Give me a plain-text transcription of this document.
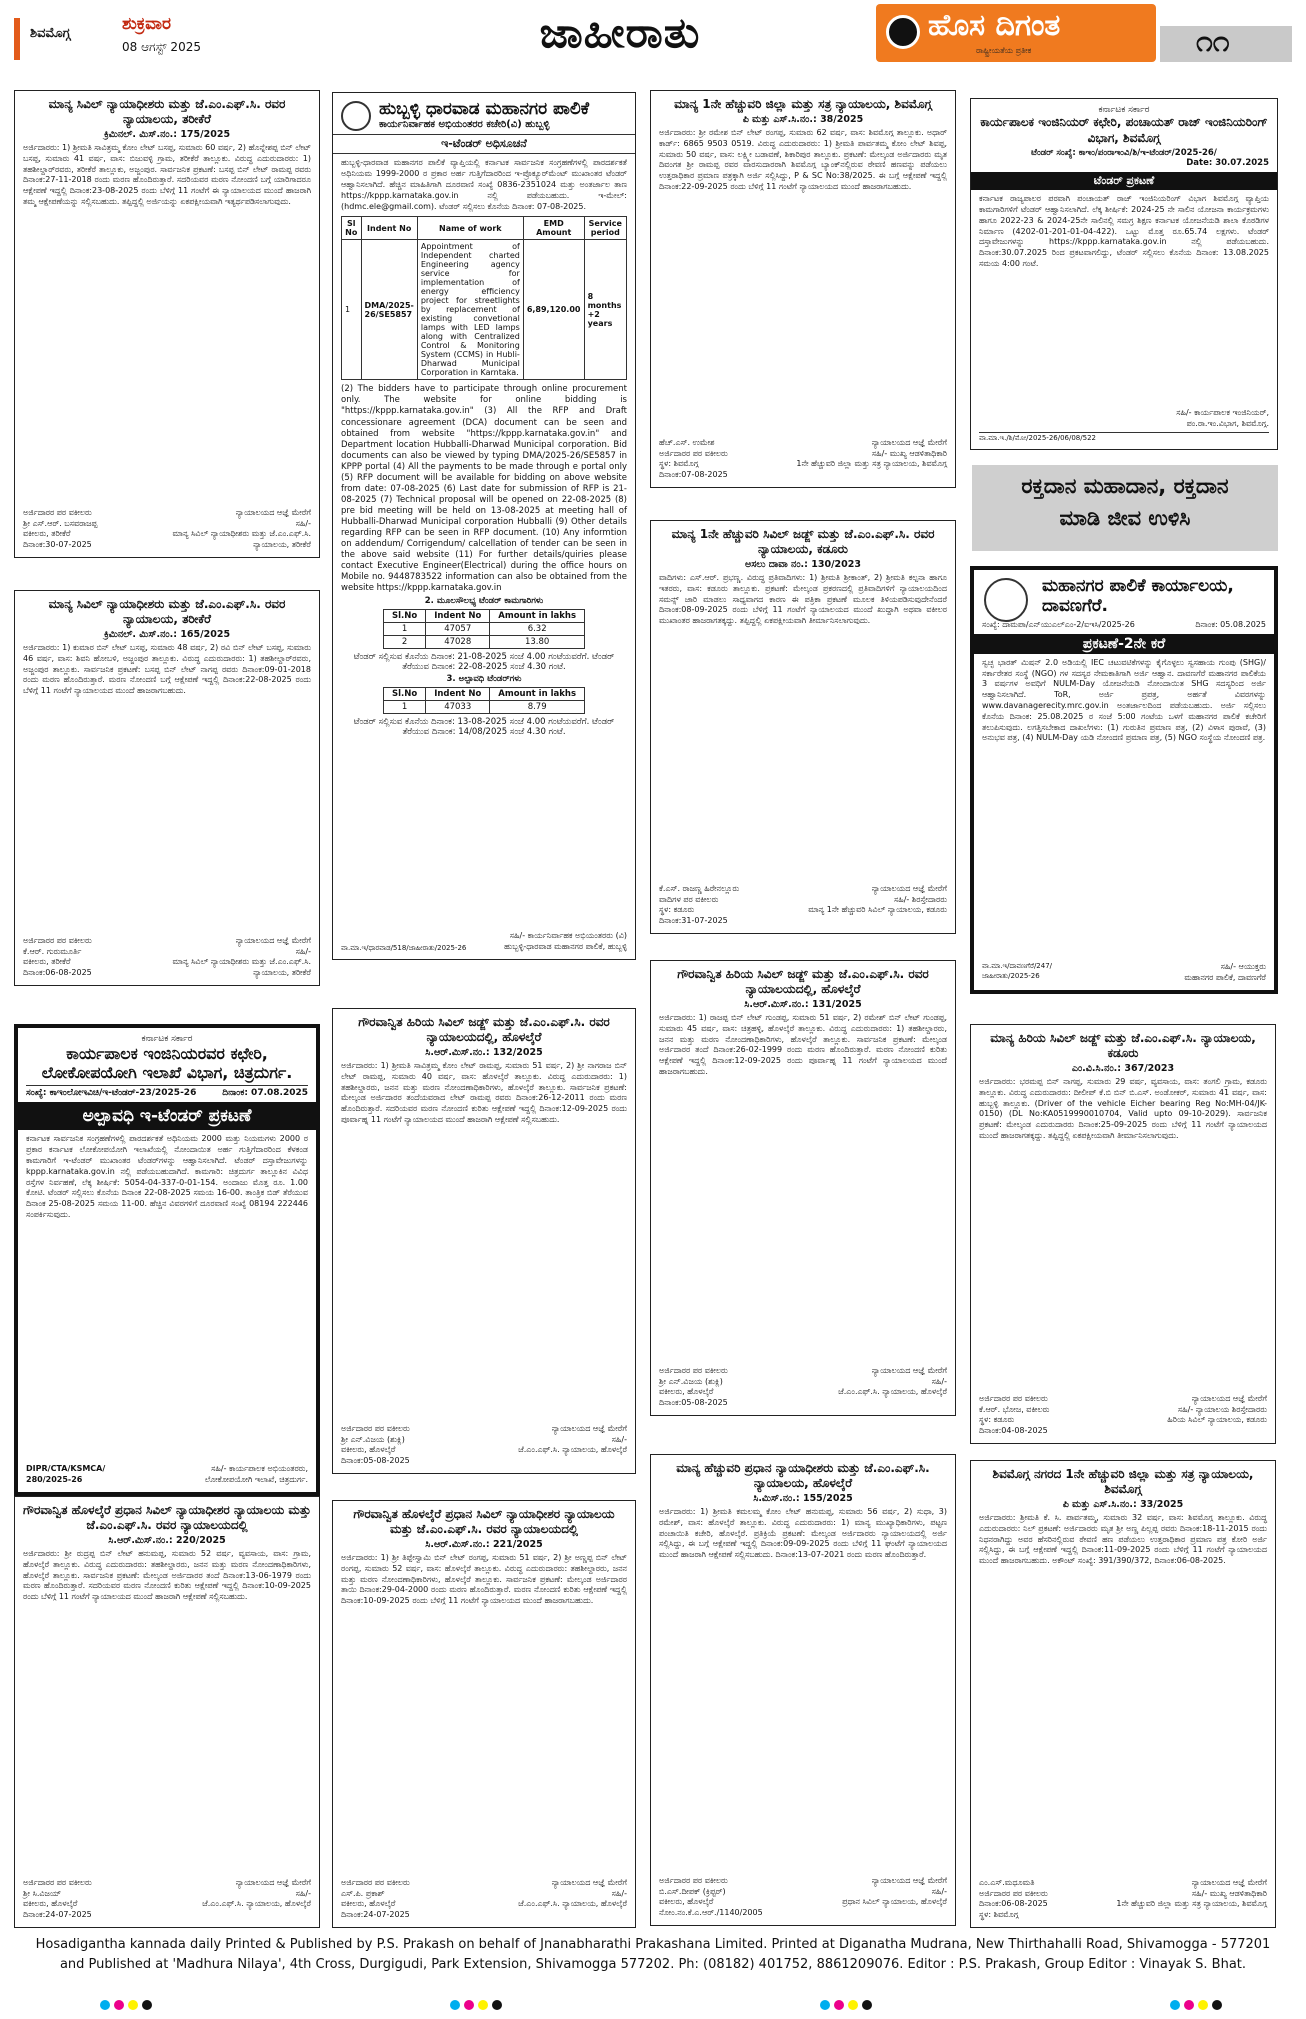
ಶಿವಮೊಗ್ಗ	ಶುಕ್ರವಾರ
08 ಆಗಸ್ಟ್ 2025	ಜಾಹೀರಾತು	ಹೊಸ ದಿಗಂತ
ರಾಷ್ಟ್ರೀಯತೆಯ ಪ್ರತೀಕ	೧೧
ಮಾನ್ಯ ಸಿವಿಲ್ ನ್ಯಾಯಾಧೀಶರು ಮತ್ತು ಜೆ.ಎಂ.ಎಫ್.ಸಿ. ರವರ ನ್ಯಾಯಾಲಯ, ತರೀಕೆರೆ
ಕ್ರಿಮಿನಲ್. ಮಿಸ್.ನಂ.: 175/2025
ಅರ್ಜಿದಾರರು: 1) ಶ್ರೀಮತಿ ಸಾವಿತ್ರಮ್ಮ ಕೋಂ ಲೇಟ್ ಬಸಪ್ಪ, ಸುಮಾರು 60 ವರ್ಷ, 2) ಹೊನ್ನೇಶಪ್ಪ ಬಿನ್ ಲೇಟ್ ಬಸಪ್ಪ, ಸುಮಾರು 41 ವರ್ಷ, ವಾಸ: ಬಿಜುವಳ್ಳಿ ಗ್ರಾಮ, ತರೀಕೆರೆ ತಾಲ್ಲೂಕು. ವಿರುದ್ಧ ಎದುರುದಾರರು: 1) ತಹಶೀಲ್ದಾರ್‌ರವರು, ತರೀಕೆರೆ ತಾಲ್ಲೂಕು, ಅಜ್ಜಂಪುರ. ಸಾರ್ವಜನಿಕ ಪ್ರಕಟಣೆ: ಬಸಪ್ಪ ಬಿನ್ ಲೇಟ್ ರಾಮಪ್ಪ ರವರು ದಿನಾಂಕ:27-11-2018 ರಂದು ಮರಣ ಹೊಂದಿರುತ್ತಾರೆ. ಸದರಿಯವರ ಮರಣ ನೋಂದಣಿ ಬಗ್ಗೆ ಯಾರಿಗಾದರೂ ಆಕ್ಷೇಪಣೆ ಇದ್ದಲ್ಲಿ ದಿನಾಂಕ:23-08-2025 ರಂದು ಬೆಳಿಗ್ಗೆ 11 ಗಂಟೆಗೆ ಈ ನ್ಯಾಯಾಲಯದ ಮುಂದೆ ಹಾಜರಾಗಿ ತಮ್ಮ ಆಕ್ಷೇಪಣೆಯನ್ನು ಸಲ್ಲಿಸಬಹುದು. ತಪ್ಪಿದ್ದಲ್ಲಿ ಅರ್ಜಿಯನ್ನು ಏಕಪಕ್ಷೀಯವಾಗಿ ಇತ್ಯರ್ಥಪಡಿಸಲಾಗುವುದು.
ಅರ್ಜಿದಾರರ ಪರ ವಕೀಲರು
ಶ್ರೀ ಎಸ್.ಆರ್. ಬಸವರಾಜಪ್ಪ
ವಕೀಲರು, ತರೀಕೆರೆ
ದಿನಾಂಕ:30-07-2025
ನ್ಯಾಯಾಲಯದ ಆಜ್ಞೆ ಮೇರೆಗೆ
ಸಹಿ/-
ಮಾನ್ಯ ಸಿವಿಲ್ ನ್ಯಾಯಾಧೀಶರು ಮತ್ತು ಜೆ.ಎಂ.ಎಫ್.ಸಿ. ನ್ಯಾಯಾಲಯ, ತರೀಕೆರೆ
ಮಾನ್ಯ ಸಿವಿಲ್ ನ್ಯಾಯಾಧೀಶರು ಮತ್ತು ಜೆ.ಎಂ.ಎಫ್.ಸಿ. ರವರ ನ್ಯಾಯಾಲಯ, ತರೀಕೆರೆ
ಕ್ರಿಮಿನಲ್. ಮಿಸ್.ನಂ.: 165/2025
ಅರ್ಜಿದಾರರು: 1) ಕುಮಾರ ಬಿನ್ ಲೇಟ್ ಬಸಪ್ಪ, ಸುಮಾರು 48 ವರ್ಷ, 2) ರವಿ ಬಿನ್ ಲೇಟ್ ಬಸಪ್ಪ, ಸುಮಾರು 46 ವರ್ಷ, ವಾಸ: ಶಿವನಿ ಹೋಬಳಿ, ಅಜ್ಜಂಪುರ ತಾಲ್ಲೂಕು. ವಿರುದ್ಧ ಎದುರುದಾರರು: 1) ತಹಶೀಲ್ದಾರ್‌ರವರು, ಅಜ್ಜಂಪುರ ತಾಲ್ಲೂಕು. ಸಾರ್ವಜನಿಕ ಪ್ರಕಟಣೆ: ಬಸಪ್ಪ ಬಿನ್ ಲೇಟ್ ನಾಗಪ್ಪ ರವರು ದಿನಾಂಕ:09-01-2018 ರಂದು ಮರಣ ಹೊಂದಿರುತ್ತಾರೆ. ಮರಣ ನೋಂದಣಿ ಬಗ್ಗೆ ಆಕ್ಷೇಪಣೆ ಇದ್ದಲ್ಲಿ ದಿನಾಂಕ:22-08-2025 ರಂದು ಬೆಳಿಗ್ಗೆ 11 ಗಂಟೆಗೆ ನ್ಯಾಯಾಲಯದ ಮುಂದೆ ಹಾಜರಾಗಬಹುದು.
ಅರ್ಜಿದಾರರ ಪರ ವಕೀಲರು
ಕೆ.ಆರ್. ಗುರುಮೂರ್ತಿ
ವಕೀಲರು, ತರೀಕೆರೆ
ದಿನಾಂಕ:06-08-2025
ನ್ಯಾಯಾಲಯದ ಆಜ್ಞೆ ಮೇರೆಗೆ
ಸಹಿ/-
ಮಾನ್ಯ ಸಿವಿಲ್ ನ್ಯಾಯಾಧೀಶರು ಮತ್ತು ಜೆ.ಎಂ.ಎಫ್.ಸಿ. ನ್ಯಾಯಾಲಯ, ತರೀಕೆರೆ
ಕರ್ನಾಟಕ ಸರ್ಕಾರ
ಕಾರ್ಯಪಾಲಕ ಇಂಜಿನಿಯರವರ ಕಛೇರಿ, ಲೋಕೋಪಯೋಗಿ ಇಲಾಖೆ ವಿಭಾಗ, ಚಿತ್ರದುರ್ಗ.
ಸಂಖ್ಯೆ: ಕಾಇಂಲೋಇವಿಚಿ/ಇ-ಟೆಂಡರ್-23/2025-26	ದಿನಾಂಕ: 07.08.2025
ಅಲ್ಪಾವಧಿ ಇ-ಟೆಂಡರ್ ಪ್ರಕಟಣೆ
ಕರ್ನಾಟಕ ಸಾರ್ವಜನಿಕ ಸಂಗ್ರಹಣೆಗಳಲ್ಲಿ ಪಾರದರ್ಶಕತೆ ಅಧಿನಿಯಮ 2000 ಮತ್ತು ನಿಯಮಗಳು 2000 ರ ಪ್ರಕಾರ ಕರ್ನಾಟಕ ಲೋಕೋಪಯೋಗಿ ಇಲಾಖೆಯಲ್ಲಿ ನೋಂದಾಯಿತ ಅರ್ಹ ಗುತ್ತಿಗೆದಾರರಿಂದ ಕೆಳಕಂಡ ಕಾಮಗಾರಿಗೆ ಇ-ಟೆಂಡರ್ ಮುಖಾಂತರ ಟೆಂಡರ್‌ಗಳನ್ನು ಆಹ್ವಾನಿಸಲಾಗಿದೆ. ಟೆಂಡರ್ ದಸ್ತಾವೇಜುಗಳನ್ನು kppp.karnataka.gov.in ನಲ್ಲಿ ಪಡೆಯಬಹುದಾಗಿದೆ. ಕಾಮಗಾರಿ: ಚಿತ್ರದುರ್ಗ ತಾಲ್ಲೂಕಿನ ವಿವಿಧ ರಸ್ತೆಗಳ ನಿರ್ವಹಣೆ, ಲೆಕ್ಕ ಶೀರ್ಷಿಕೆ: 5054-04-337-0-01-154. ಅಂದಾಜು ಮೊತ್ತ ರೂ. 1.00 ಕೋಟಿ. ಟೆಂಡರ್ ಸಲ್ಲಿಸಲು ಕೊನೆಯ ದಿನಾಂಕ 22-08-2025 ಸಮಯ 16-00. ತಾಂತ್ರಿಕ ಬಿಡ್ ತೆರೆಯುವ ದಿನಾಂಕ 25-08-2025 ಸಮಯ 11-00. ಹೆಚ್ಚಿನ ವಿವರಗಳಿಗೆ ದೂರವಾಣಿ ಸಂಖ್ಯೆ 08194 222446 ಸಂಪರ್ಕಿಸುವುದು.
DIPR/CTA/KSMCA/
280/2025-26
ಸಹಿ/- ಕಾರ್ಯಪಾಲಕ ಅಭಿಯಂತರರು,
ಲೋಕೋಪಯೋಗಿ ಇಲಾಖೆ, ಚಿತ್ರದುರ್ಗ.
ಗೌರವಾನ್ವಿತ ಹೊಳಲ್ಕೆರೆ ಪ್ರಧಾನ ಸಿವಿಲ್ ನ್ಯಾಯಾಧೀಶರ ನ್ಯಾಯಾಲಯ ಮತ್ತು ಜೆ.ಎಂ.ಎಫ್.ಸಿ. ರವರ ನ್ಯಾಯಾಲಯದಲ್ಲಿ
ಸಿ.ಆರ್.ಮಿಸ್.ನಂ.: 220/2025
ಅರ್ಜಿದಾರರು: ಶ್ರೀ ರುದ್ರಪ್ಪ ಬಿನ್ ಲೇಟ್ ಹನುಮಪ್ಪ, ಸುಮಾರು 52 ವರ್ಷ, ವ್ಯವಸಾಯ, ವಾಸ: ಗ್ರಾಮ, ಹೊಳಲ್ಕೆರೆ ತಾಲ್ಲೂಕು. ವಿರುದ್ಧ ಎದುರುದಾರರು: ತಹಶೀಲ್ದಾರರು, ಜನನ ಮತ್ತು ಮರಣ ನೋಂದಣಾಧಿಕಾರಿಗಳು, ಹೊಳಲ್ಕೆರೆ ತಾಲ್ಲೂಕು. ಸಾರ್ವಜನಿಕ ಪ್ರಕಟಣೆ: ಮೇಲ್ಕಂಡ ಅರ್ಜಿದಾರರ ತಂದೆ ದಿನಾಂಕ:13-06-1979 ರಂದು ಮರಣ ಹೊಂದಿರುತ್ತಾರೆ. ಸದರಿಯವರ ಮರಣ ನೋಂದಣಿ ಕುರಿತು ಆಕ್ಷೇಪಣೆ ಇದ್ದಲ್ಲಿ ದಿನಾಂಕ:10-09-2025 ರಂದು ಬೆಳಿಗ್ಗೆ 11 ಗಂಟೆಗೆ ನ್ಯಾಯಾಲಯದ ಮುಂದೆ ಹಾಜರಾಗಿ ಆಕ್ಷೇಪಣೆ ಸಲ್ಲಿಸಬಹುದು.
ಅರ್ಜಿದಾರರ ಪರ ವಕೀಲರು
ಶ್ರೀ ಸಿ.ವಿಜಯ್
ವಕೀಲರು, ಹೊಳಲ್ಕೆರೆ
ದಿನಾಂಕ:24-07-2025
ನ್ಯಾಯಾಲಯದ ಆಜ್ಞೆ ಮೇರೆಗೆ
ಸಹಿ/-
ಜೆ.ಎಂ.ಎಫ್.ಸಿ. ನ್ಯಾಯಾಲಯ, ಹೊಳಲ್ಕೆರೆ
ಹುಬ್ಬಳ್ಳಿ ಧಾರವಾಡ ಮಹಾನಗರ ಪಾಲಿಕೆ
ಕಾರ್ಯನಿರ್ವಾಹಕ ಅಭಿಯಂತರರ ಕಚೇರಿ(ವಿ) ಹುಬ್ಬಳ್ಳಿ
ಇ-ಟೆಂಡರ್ ಅಧಿಸೂಚನೆ
ಹುಬ್ಬಳ್ಳಿ-ಧಾರವಾಡ ಮಹಾನಗರ ಪಾಲಿಕೆ ವ್ಯಾಪ್ತಿಯಲ್ಲಿ ಕರ್ನಾಟಕ ಸಾರ್ವಜನಿಕ ಸಂಗ್ರಹಣೆಗಳಲ್ಲಿ ಪಾರದರ್ಶಕತೆ ಅಧಿನಿಯಮ 1999-2000 ರ ಪ್ರಕಾರ ಅರ್ಹ ಗುತ್ತಿಗೆದಾರರಿಂದ ಇ-ಪ್ರೊಕ್ಯೂರ್‌ಮೆಂಟ್ ಮುಖಾಂತರ ಟೆಂಡರ್ ಆಹ್ವಾನಿಸಲಾಗಿದೆ. ಹೆಚ್ಚಿನ ಮಾಹಿತಿಗಾಗಿ ದೂರವಾಣಿ ಸಂಖ್ಯೆ 0836-2351024 ಮತ್ತು ಅಂತರ್ಜಾಲ ತಾಣ https://kppp.karnataka.gov.in ನಲ್ಲಿ ಪಡೆಯಬಹುದು. ಇ-ಮೇಲ್: (hdmc.ele@gmail.com). ಟೆಂಡರ್ ಸಲ್ಲಿಸಲು ಕೊನೆಯ ದಿನಾಂಕ: 07-08-2025.
Sl No	Indent No	Name of work	EMD Amount	Service period
1	DMA/2025-26/SE5857	Appointment of Independent charted Engineering agency service for implementation of energy efficiency project for streetlights by replacement of existing convetional lamps with LED lamps along with Centralized Control & Monitoring System (CCMS) in Hubli-Dharwad Municipal Corporation in Karntaka.	6,89,120.00	8 months +2 years
(2) The bidders have to participate through online procurement only. The website for online bidding is "https://kppp.karnataka.gov.in" (3) All the RFP and Draft concessionare agreement (DCA) document can be seen and obtained from website "https://kppp.karnataka.gov.in" and Department location Hubballi-Dharwad Municipal corporation. Bid documents can also be viewed by typing DMA/2025-26/SE5857 in KPPP portal (4) All the payments to be made through e portal only (5) RFP document will be available for bidding on above website from date: 07-08-2025 (6) Last date for submission of RFP is 21-08-2025 (7) Technical proposal will be opened on 22-08-2025 (8) pre bid meeting will be held on 13-08-2025 at meeting hall of Hubballi-Dharwad Municipal corporation Hubballi (9) Other details regarding RFP can be seen in RFP document. (10) Any informtion on addendum/ Corrigendum/ calcellation of tender can be seen in the above said website (11) For further details/quiries please contact Executive Engineer(Electrical) during the office hours on Mobile no. 9448783522 information can also be obtained from the website https://kppp.karnataka.gov.in
2. ಮೂಲಸೌಲಭ್ಯ ಟೆಂಡರ್ ಕಾಮಗಾರಿಗಳು
Sl.No	Indent No	Amount in lakhs
1	47057	6.32
2	47028	13.80
ಟೆಂಡರ್ ಸಲ್ಲಿಸುವ ಕೊನೆಯ ದಿನಾಂಕ: 21-08-2025 ಸಂಜೆ 4.00 ಗಂಟೆಯವರೆಗೆ. ಟೆಂಡರ್ ತೆರೆಯುವ ದಿನಾಂಕ: 22-08-2025 ಸಂಜೆ 4.30 ಗಂಟೆ.
3. ಅಲ್ಪಾವಧಿ ಟೆಂಡರ್‌ಗಳು
Sl.No	Indent No	Amount in lakhs
1	47033	8.79
ಟೆಂಡರ್ ಸಲ್ಲಿಸುವ ಕೊನೆಯ ದಿನಾಂಕ: 13-08-2025 ಸಂಜೆ 4.00 ಗಂಟೆಯವರೆಗೆ. ಟೆಂಡರ್ ತೆರೆಯುವ ದಿನಾಂಕ: 14/08/2025 ಸಂಜೆ 4.30 ಗಂಟೆ.
ವಾ.ಮಾ.ಇ/ಧಾರವಾಡ/518/ಜಾಹೀರಾತು/2025-26
ಸಹಿ/- ಕಾರ್ಯನಿರ್ವಾಹಕ ಅಭಿಯಂತರರು (ವಿ)
ಹುಬ್ಬಳ್ಳಿ-ಧಾರವಾಡ ಮಹಾನಗರ ಪಾಲಿಕೆ, ಹುಬ್ಬಳ್ಳಿ
ಗೌರವಾನ್ವಿತ ಹಿರಿಯ ಸಿವಿಲ್ ಜಡ್ಜ್ ಮತ್ತು ಜೆ.ಎಂ.ಎಫ್.ಸಿ. ರವರ ನ್ಯಾಯಾಲಯದಲ್ಲಿ, ಹೊಳಲ್ಕೆರೆ
ಸಿ.ಆರ್.ಮಿಸ್.ನಂ.: 132/2025
ಅರ್ಜಿದಾರರು: 1) ಶ್ರೀಮತಿ ಸಾವಿತ್ರಮ್ಮ ಕೋಂ ಲೇಟ್ ರಾಮಪ್ಪ, ಸುಮಾರು 51 ವರ್ಷ, 2) ಶ್ರೀ ನಾಗರಾಜ ಬಿನ್ ಲೇಟ್ ರಾಮಪ್ಪ, ಸುಮಾರು 40 ವರ್ಷ, ವಾಸ: ಹೊಳಲ್ಕೆರೆ ತಾಲ್ಲೂಕು. ವಿರುದ್ಧ ಎದುರುದಾರರು: 1) ತಹಶೀಲ್ದಾರರು, ಜನನ ಮತ್ತು ಮರಣ ನೋಂದಣಾಧಿಕಾರಿಗಳು, ಹೊಳಲ್ಕೆರೆ ತಾಲ್ಲೂಕು. ಸಾರ್ವಜನಿಕ ಪ್ರಕಟಣೆ: ಮೇಲ್ಕಂಡ ಅರ್ಜಿದಾರರ ತಂದೆಯವರಾದ ಲೇಟ್ ರಾಮಪ್ಪ ರವರು ದಿನಾಂಕ:26-12-2011 ರಂದು ಮರಣ ಹೊಂದಿರುತ್ತಾರೆ. ಸದರಿಯವರ ಮರಣ ನೋಂದಣಿ ಕುರಿತು ಆಕ್ಷೇಪಣೆ ಇದ್ದಲ್ಲಿ ದಿನಾಂಕ:12-09-2025 ರಂದು ಪೂರ್ವಾಹ್ನ 11 ಗಂಟೆಗೆ ನ್ಯಾಯಾಲಯದ ಮುಂದೆ ಹಾಜರಾಗಿ ಆಕ್ಷೇಪಣೆ ಸಲ್ಲಿಸಬಹುದು.
ಅರ್ಜಿದಾರರ ಪರ ವಕೀಲರು
ಶ್ರೀ ಎನ್.ವಿಜಯ (ಶುಕ್ಲಿ)
ವಕೀಲರು, ಹೊಳಲ್ಕೆರೆ
ದಿನಾಂಕ:05-08-2025
ನ್ಯಾಯಾಲಯದ ಆಜ್ಞೆ ಮೇರೆಗೆ
ಸಹಿ/-
ಜೆ.ಎಂ.ಎಫ್.ಸಿ. ನ್ಯಾಯಾಲಯ, ಹೊಳಲ್ಕೆರೆ
ಗೌರವಾನ್ವಿತ ಹೊಳಲ್ಕೆರೆ ಪ್ರಧಾನ ಸಿವಿಲ್ ನ್ಯಾಯಾಧೀಶರ ನ್ಯಾಯಾಲಯ ಮತ್ತು ಜೆ.ಎಂ.ಎಫ್.ಸಿ. ರವರ ನ್ಯಾಯಾಲಯದಲ್ಲಿ
ಸಿ.ಆರ್.ಮಿಸ್.ನಂ.: 221/2025
ಅರ್ಜಿದಾರರು: 1) ಶ್ರೀ ತಿಪ್ಪೇಸ್ವಾಮಿ ಬಿನ್ ಲೇಟ್ ರಂಗಪ್ಪ, ಸುಮಾರು 51 ವರ್ಷ, 2) ಶ್ರೀ ಅಣ್ಣಪ್ಪ ಬಿನ್ ಲೇಟ್ ರಂಗಪ್ಪ, ಸುಮಾರು 52 ವರ್ಷ, ವಾಸ: ಹೊಳಲ್ಕೆರೆ ತಾಲ್ಲೂಕು. ವಿರುದ್ಧ ಎದುರುದಾರರು: ತಹಶೀಲ್ದಾರರು, ಜನನ ಮತ್ತು ಮರಣ ನೋಂದಣಾಧಿಕಾರಿಗಳು, ಹೊಳಲ್ಕೆರೆ ತಾಲ್ಲೂಕು. ಸಾರ್ವಜನಿಕ ಪ್ರಕಟಣೆ: ಮೇಲ್ಕಂಡ ಅರ್ಜಿದಾರರ ತಾಯಿ ದಿನಾಂಕ:29-04-2000 ರಂದು ಮರಣ ಹೊಂದಿರುತ್ತಾರೆ. ಮರಣ ನೋಂದಣಿ ಕುರಿತು ಆಕ್ಷೇಪಣೆ ಇದ್ದಲ್ಲಿ ದಿನಾಂಕ:10-09-2025 ರಂದು ಬೆಳಿಗ್ಗೆ 11 ಗಂಟೆಗೆ ನ್ಯಾಯಾಲಯದ ಮುಂದೆ ಹಾಜರಾಗಬಹುದು.
ಅರ್ಜಿದಾರರ ಪರ ವಕೀಲರು
ಎಸ್.ಪಿ. ಪ್ರಕಾಶ್
ವಕೀಲರು, ಹೊಳಲ್ಕೆರೆ
ದಿನಾಂಕ:24-07-2025
ನ್ಯಾಯಾಲಯದ ಆಜ್ಞೆ ಮೇರೆಗೆ
ಸಹಿ/-
ಜೆ.ಎಂ.ಎಫ್.ಸಿ. ನ್ಯಾಯಾಲಯ, ಹೊಳಲ್ಕೆರೆ
ಮಾನ್ಯ 1ನೇ ಹೆಚ್ಚುವರಿ ಜಿಲ್ಲಾ ಮತ್ತು ಸತ್ರ ನ್ಯಾಯಾಲಯ, ಶಿವಮೊಗ್ಗ
ಪಿ ಮತ್ತು ಎಸ್.ಸಿ.ನಂ.: 38/2025
ಅರ್ಜಿದಾರರು: ಶ್ರೀ ರಮೇಶ ಬಿನ್ ಲೇಟ್ ರಂಗಪ್ಪ, ಸುಮಾರು 62 ವರ್ಷ, ವಾಸ: ಶಿವಮೊಗ್ಗ ತಾಲ್ಲೂಕು. ಅಧಾರ್ ಕಾರ್ಡ್: 6865 9503 0519. ವಿರುದ್ಧ ಎದುರುದಾರರು: 1) ಶ್ರೀಮತಿ ಪಾರ್ವತಮ್ಮ ಕೋಂ ಲೇಟ್ ಶಿವಪ್ಪ, ಸುಮಾರು 50 ವರ್ಷ, ವಾಸ: ಲಕ್ಷ್ಮೀ ಬಡಾವಣೆ, ಶಿಕಾರಿಪುರ ತಾಲ್ಲೂಕು. ಪ್ರಕಟಣೆ: ಮೇಲ್ಕಂಡ ಅರ್ಜಿದಾರರು ಮೃತ ದಿವಂಗತ ಶ್ರೀ ರಾಮಪ್ಪ ರವರ ವಾರಸುದಾರರಾಗಿ ಶಿವಮೊಗ್ಗ ಬ್ಯಾಂಕ್‌ನಲ್ಲಿರುವ ಠೇವಣಿ ಹಣವನ್ನು ಪಡೆಯಲು ಉತ್ತರಾಧಿಕಾರ ಪ್ರಮಾಣ ಪತ್ರಕ್ಕಾಗಿ ಅರ್ಜಿ ಸಲ್ಲಿಸಿದ್ದು, P & SC No:38/2025. ಈ ಬಗ್ಗೆ ಆಕ್ಷೇಪಣೆ ಇದ್ದಲ್ಲಿ ದಿನಾಂಕ:22-09-2025 ರಂದು ಬೆಳಿಗ್ಗೆ 11 ಗಂಟೆಗೆ ನ್ಯಾಯಾಲಯದ ಮುಂದೆ ಹಾಜರಾಗಬಹುದು.
ಹೆಚ್.ಎಸ್. ಉಮೇಶ
ಅರ್ಜಿದಾರರ ಪರ ವಕೀಲರು
ಸ್ಥಳ: ಶಿವಮೊಗ್ಗ
ದಿನಾಂಕ:07-08-2025
ನ್ಯಾಯಾಲಯದ ಆಜ್ಞೆ ಮೇರೆಗೆ
ಸಹಿ/- ಮುಖ್ಯ ಆಡಳಿತಾಧಿಕಾರಿ
1ನೇ ಹೆಚ್ಚುವರಿ ಜಿಲ್ಲಾ ಮತ್ತು ಸತ್ರ ನ್ಯಾಯಾಲಯ, ಶಿವಮೊಗ್ಗ
ಮಾನ್ಯ 1ನೇ ಹೆಚ್ಚುವರಿ ಸಿವಿಲ್ ಜಡ್ಜ್ ಮತ್ತು ಜೆ.ಎಂ.ಎಫ್.ಸಿ. ರವರ ನ್ಯಾಯಾಲಯ, ಕಡೂರು
ಅಸಲು ದಾವಾ ನಂ.: 130/2023
ವಾದಿಗಳು: ಎಸ್.ಆರ್. ಪ್ರಭಣ್ಣ. ವಿರುದ್ಧ ಪ್ರತಿವಾದಿಗಳು: 1) ಶ್ರೀಮತಿ ಶ್ರೀಕಾಂತ್, 2) ಶ್ರೀಮತಿ ಕಲ್ಪನಾ ಹಾಗೂ ಇತರರು, ವಾಸ: ಕಡೂರು ತಾಲ್ಲೂಕು. ಪ್ರಕಟಣೆ: ಮೇಲ್ಕಂಡ ಪ್ರಕರಣದಲ್ಲಿ ಪ್ರತಿವಾದಿಗಳಿಗೆ ನ್ಯಾಯಾಲಯದಿಂದ ಸಮನ್ಸ್ ಜಾರಿ ಮಾಡಲು ಸಾಧ್ಯವಾಗದ ಕಾರಣ ಈ ಪತ್ರಿಕಾ ಪ್ರಕಟಣೆ ಮೂಲಕ ತಿಳಿಯಪಡಿಸುವುದೇನೆಂದರೆ ದಿನಾಂಕ:08-09-2025 ರಂದು ಬೆಳಿಗ್ಗೆ 11 ಗಂಟೆಗೆ ನ್ಯಾಯಾಲಯದ ಮುಂದೆ ಖುದ್ದಾಗಿ ಅಥವಾ ವಕೀಲರ ಮುಖಾಂತರ ಹಾಜರಾಗತಕ್ಕದ್ದು. ತಪ್ಪಿದ್ದಲ್ಲಿ ಏಕಪಕ್ಷೀಯವಾಗಿ ತೀರ್ಮಾನಿಸಲಾಗುವುದು.
ಕೆ.ಎಸ್. ರಾಜಣ್ಣ ಹಿರೇನಲ್ಲೂರು
ವಾದಿಗಳ ಪರ ವಕೀಲರು
ಸ್ಥಳ: ಕಡೂರು
ದಿನಾಂಕ:31-07-2025
ನ್ಯಾಯಾಲಯದ ಆಜ್ಞೆ ಮೇರೆಗೆ
ಸಹಿ/- ಶಿರಸ್ತೇದಾರರು
ಮಾನ್ಯ 1ನೇ ಹೆಚ್ಚುವರಿ ಸಿವಿಲ್ ನ್ಯಾಯಾಲಯ, ಕಡೂರು
ಗೌರವಾನ್ವಿತ ಹಿರಿಯ ಸಿವಿಲ್ ಜಡ್ಜ್ ಮತ್ತು ಜೆ.ಎಂ.ಎಫ್.ಸಿ. ರವರ ನ್ಯಾಯಾಲಯದಲ್ಲಿ, ಹೊಳಲ್ಕೆರೆ
ಸಿ.ಆರ್.ಮಿಸ್.ನಂ.: 131/2025
ಅರ್ಜಿದಾರರು: 1) ರಾಜಪ್ಪ ಬಿನ್ ಲೇಟ್ ಗುಂಡಪ್ಪ, ಸುಮಾರು 51 ವರ್ಷ, 2) ರಮೇಶ್ ಬಿನ್ ಲೇಟ್ ಗುಂಡಪ್ಪ, ಸುಮಾರು 45 ವರ್ಷ, ವಾಸ: ಚಿತ್ರಹಳ್ಳಿ, ಹೊಳಲ್ಕೆರೆ ತಾಲ್ಲೂಕು. ವಿರುದ್ಧ ಎದುರುದಾರರು: 1) ತಹಶೀಲ್ದಾರರು, ಜನನ ಮತ್ತು ಮರಣ ನೋಂದಣಾಧಿಕಾರಿಗಳು, ಹೊಳಲ್ಕೆರೆ ತಾಲ್ಲೂಕು. ಸಾರ್ವಜನಿಕ ಪ್ರಕಟಣೆ: ಮೇಲ್ಕಂಡ ಅರ್ಜಿದಾರರ ತಂದೆ ದಿನಾಂಕ:26-02-1999 ರಂದು ಮರಣ ಹೊಂದಿರುತ್ತಾರೆ. ಮರಣ ನೋಂದಣಿ ಕುರಿತು ಆಕ್ಷೇಪಣೆ ಇದ್ದಲ್ಲಿ ದಿನಾಂಕ:12-09-2025 ರಂದು ಪೂರ್ವಾಹ್ನ 11 ಗಂಟೆಗೆ ನ್ಯಾಯಾಲಯದ ಮುಂದೆ ಹಾಜರಾಗಬಹುದು.
ಅರ್ಜಿದಾರರ ಪರ ವಕೀಲರು
ಶ್ರೀ ಎನ್.ವಿಜಯ (ಶುಕ್ಲಿ)
ವಕೀಲರು, ಹೊಳಲ್ಕೆರೆ
ದಿನಾಂಕ:05-08-2025
ನ್ಯಾಯಾಲಯದ ಆಜ್ಞೆ ಮೇರೆಗೆ
ಸಹಿ/-
ಜೆ.ಎಂ.ಎಫ್.ಸಿ. ನ್ಯಾಯಾಲಯ, ಹೊಳಲ್ಕೆರೆ
ಮಾನ್ಯ ಹೆಚ್ಚುವರಿ ಪ್ರಧಾನ ನ್ಯಾಯಾಧೀಶರು ಮತ್ತು ಜೆ.ಎಂ.ಎಫ್.ಸಿ. ನ್ಯಾಯಾಲಯ, ಹೊಳಲ್ಕೆರೆ
ಸಿ.ಮಿಸ್.ನಂ.: 155/2025
ಅರ್ಜಿದಾರರು: 1) ಶ್ರೀಮತಿ ಕಮಲಮ್ಮ ಕೋಂ ಲೇಟ್ ಹನುಮಪ್ಪ, ಸುಮಾರು 56 ವರ್ಷ, 2) ಸುಧಾ, 3) ರಮೇಶ್, ವಾಸ: ಹೊಳಲ್ಕೆರೆ ತಾಲ್ಲೂಕು. ವಿರುದ್ಧ ಎದುರುದಾರರು: 1) ಮಾನ್ಯ ಮುಖ್ಯಾಧಿಕಾರಿಗಳು, ಪಟ್ಟಣ ಪಂಚಾಯಿತಿ ಕಚೇರಿ, ಹೊಳಲ್ಕೆರೆ. ಪ್ರತಿಕ್ರಿಯೆ ಪ್ರಕಟಣೆ: ಮೇಲ್ಕಂಡ ಅರ್ಜಿದಾರರು ನ್ಯಾಯಾಲಯದಲ್ಲಿ ಅರ್ಜಿ ಸಲ್ಲಿಸಿದ್ದು, ಈ ಬಗ್ಗೆ ಆಕ್ಷೇಪಣೆ ಇದ್ದಲ್ಲಿ ದಿನಾಂಕ:09-09-2025 ರಂದು ಬೆಳಿಗ್ಗೆ 11 ಘಂಟೆಗೆ ನ್ಯಾಯಾಲಯದ ಮುಂದೆ ಹಾಜರಾಗಿ ಆಕ್ಷೇಪಣೆ ಸಲ್ಲಿಸಬಹುದು. ದಿನಾಂಕ:13-07-2021 ರಂದು ಮರಣ ಹೊಂದಿರುತ್ತಾರೆ.
ಅರ್ಜಿದಾರರ ಪರ ವಕೀಲರು
ಬಿ.ಎಸ್.ದೀಪಕ್ (ಕ್ರಿಪ್ಟರ್)
ವಕೀಲರು, ಹೊಳಲ್ಕೆರೆ
ನೋಂ.ನಂ.ಕೆ.ಎ.ಆರ್./1140/2005
ನ್ಯಾಯಾಲಯದ ಆಜ್ಞೆ ಮೇರೆಗೆ
ಸಹಿ/-
ಪ್ರಧಾನ ಸಿವಿಲ್ ನ್ಯಾಯಾಲಯ, ಹೊಳಲ್ಕೆರೆ
ಕರ್ನಾಟಕ ಸರ್ಕಾರ
ಕಾರ್ಯಪಾಲಕ ಇಂಜಿನಿಯರ್ ಕಛೇರಿ, ಪಂಚಾಯತ್ ರಾಜ್ ಇಂಜಿನಿಯರಿಂಗ್ ವಿಭಾಗ, ಶಿವಮೊಗ್ಗ
ಟೆಂಡರ್ ಸಂಖ್ಯೆ: ಕಾಇಂ/ಪಂರಾಇಂವಿ/ಶಿ/ಇ-ಟೆಂಡರ್/2025-26/
Date: 30.07.2025
ಟೆಂಡರ್ ಪ್ರಕಟಣೆ
ಕರ್ನಾಟಕ ರಾಜ್ಯಪಾಲರ ಪರವಾಗಿ ಪಂಚಾಯತ್ ರಾಜ್ ಇಂಜಿನಿಯರಿಂಗ್ ವಿಭಾಗ ಶಿವಮೊಗ್ಗ ವ್ಯಾಪ್ತಿಯ ಕಾಮಗಾರಿಗಳಿಗೆ ಟೆಂಡರ್ ಆಹ್ವಾನಿಸಲಾಗಿದೆ. ಲೆಕ್ಕ ಶೀರ್ಷಿಕೆ: 2024-25 ನೇ ಸಾಲಿನ ಯೋಜನಾ ಕಾರ್ಯಕ್ರಮಗಳು ಹಾಗೂ 2022-23 & 2024-25ನೇ ಸಾಲಿನಲ್ಲಿ ಸಮಗ್ರ ಶಿಕ್ಷಣ ಕರ್ನಾಟಕ ಯೋಜನೆಯಡಿ ಶಾಲಾ ಕೊಠಡಿಗಳ ನಿರ್ಮಾಣ (4202-01-201-01-04-422). ಒಟ್ಟು ಮೊತ್ತ ರೂ.65.74 ಲಕ್ಷಗಳು. ಟೆಂಡರ್ ದಸ್ತಾವೇಜುಗಳನ್ನು https://kppp.karnataka.gov.in ನಲ್ಲಿ ಪಡೆಯಬಹುದು. ದಿನಾಂಕ:30.07.2025 ರಿಂದ ಪ್ರಕಟವಾಗಲಿದ್ದು, ಟೆಂಡರ್ ಸಲ್ಲಿಸಲು ಕೊನೆಯ ದಿನಾಂಕ: 13.08.2025 ಸಮಯ 4:00 ಗಂಟೆ.
ಸಹಿ/- ಕಾರ್ಯಪಾಲಕ ಇಂಜಿನಿಯರ್,
ಪಂ.ರಾ.ಇಂ.ವಿಭಾಗ, ಶಿವಮೊಗ್ಗ.
ವಾ.ಮಾ.ಇ./ಶಿ/ಮೋ/2025-26/06/08/522
ರಕ್ತದಾನ ಮಹಾದಾನ, ರಕ್ತದಾನ
ಮಾಡಿ ಜೀವ ಉಳಿಸಿ
ಮಹಾನಗರ ಪಾಲಿಕೆ ಕಾರ್ಯಾಲಯ, ದಾವಣಗೆರೆ.
ಸಂಖ್ಯೆ: ದಾಮಪಾ/ಎನ್‌ಯುಎಲ್‌ಎಂ-2/ಐಇಸಿ/2025-26	ದಿನಾಂಕ: 05.08.2025
ಪ್ರಕಟಣೆ-2ನೇ ಕರೆ
ಸ್ವಚ್ಛ ಭಾರತ್ ಮಿಷನ್ 2.0 ಅಡಿಯಲ್ಲಿ IEC ಚಟುವಟಿಕೆಗಳನ್ನು ಕೈಗೊಳ್ಳಲು ಸ್ವಸಹಾಯ ಗುಂಪು (SHG)/ಸರ್ಕಾರೇತರ ಸಂಸ್ಥೆ (NGO) ಗಳ ಸದಸ್ಯರ ನೇಮಕಾತಿಗಾಗಿ ಅರ್ಜಿ ಆಹ್ವಾನ. ದಾವಣಗೆರೆ ಮಹಾನಗರ ಪಾಲಿಕೆಯ 3 ವರ್ಷಗಳ ಅವಧಿಗೆ NULM-Day ಯೋಜನೆಯಡಿ ನೋಂದಾಯಿತ SHG ಸದಸ್ಯರಿಂದ ಅರ್ಜಿ ಆಹ್ವಾನಿಸಲಾಗಿದೆ. ToR, ಅರ್ಜಿ ಪ್ರಪತ್ರ, ಅರ್ಹತೆ ವಿವರಗಳನ್ನು www.davanagerecity.mrc.gov.in ಅಂತರ್ಜಾಲದಿಂದ ಪಡೆಯಬಹುದು. ಅರ್ಜಿ ಸಲ್ಲಿಸಲು ಕೊನೆಯ ದಿನಾಂಕ: 25.08.2025 ರ ಸಂಜೆ 5:00 ಗಂಟೆಯ ಒಳಗೆ ಮಹಾನಗರ ಪಾಲಿಕೆ ಕಚೇರಿಗೆ ತಲುಪಿಸುವುದು. ಲಗತ್ತಿಸಬೇಕಾದ ದಾಖಲೆಗಳು: (1) ಗುರುತಿನ ಪ್ರಮಾಣ ಪತ್ರ, (2) ವಿಳಾಸ ಪುರಾವೆ, (3) ಅನುಭವ ಪತ್ರ, (4) NULM-Day ಯಡಿ ನೋಂದಣಿ ಪ್ರಮಾಣ ಪತ್ರ, (5) NGO ಸಂಸ್ಥೆಯ ನೋಂದಣಿ ಪತ್ರ.
ವಾ.ಮಾ.ಇ/ದಾವಣಗೆರೆ/247/
ಜಾಹೀರಾತು/2025-26
ಸಹಿ/- ಆಯುಕ್ತರು
ಮಹಾನಗರ ಪಾಲಿಕೆ, ದಾವಣಗೆರೆ
ಮಾನ್ಯ ಹಿರಿಯ ಸಿವಿಲ್ ಜಡ್ಜ್ ಮತ್ತು ಜೆ.ಎಂ.ಎಫ್.ಸಿ. ನ್ಯಾಯಾಲಯ, ಕಡೂರು
ಎಂ.ವಿ.ಸಿ.ನಂ.: 367/2023
ಅರ್ಜಿದಾರರು: ಭರಮಪ್ಪ ಬಿನ್ ನಾಗಪ್ಪ, ಸುಮಾರು 29 ವರ್ಷ, ವ್ಯವಸಾಯ, ವಾಸ: ತಂಗಲಿ ಗ್ರಾಮ, ಕಡೂರು ತಾಲ್ಲೂಕು. ವಿರುದ್ಧ ಎದುರುದಾರರು: ದೀಲೀಪ್ ಕೆ.ಬಿ ಬಿನ್ ಬಿ.ಎಸ್. ಅಂಡೋಕರ್, ಸುಮಾರು 41 ವರ್ಷ, ವಾಸ: ಹುಬ್ಬಳ್ಳಿ ತಾಲ್ಲೂಕು. (Driver of the vehicle Eicher bearing Reg No:MH-04/JK-0150) (DL No:KA0519990010704, Valid upto 09-10-2029). ಸಾರ್ವಜನಿಕ ಪ್ರಕಟಣೆ: ಮೇಲ್ಕಂಡ ಎದುರುದಾರರು ದಿನಾಂಕ:25-09-2025 ರಂದು ಬೆಳಿಗ್ಗೆ 11 ಗಂಟೆಗೆ ನ್ಯಾಯಾಲಯದ ಮುಂದೆ ಹಾಜರಾಗತಕ್ಕದ್ದು. ತಪ್ಪಿದ್ದಲ್ಲಿ ಏಕಪಕ್ಷೀಯವಾಗಿ ತೀರ್ಮಾನಿಸಲಾಗುವುದು.
ಅರ್ಜಿದಾರರ ಪರ ವಕೀಲರು
ಕೆ.ಆರ್. ಭೋಜ, ವಕೀಲರು
ಸ್ಥಳ: ಕಡೂರು
ದಿನಾಂಕ:04-08-2025
ನ್ಯಾಯಾಲಯದ ಆಜ್ಞೆ ಮೇರೆಗೆ
ಸಹಿ/- ನ್ಯಾಯಾಲಯ ಶಿರಸ್ತೇದಾರರು
ಹಿರಿಯ ಸಿವಿಲ್ ನ್ಯಾಯಾಲಯ, ಕಡೂರು
ಶಿವಮೊಗ್ಗ ನಗರದ 1ನೇ ಹೆಚ್ಚುವರಿ ಜಿಲ್ಲಾ ಮತ್ತು ಸತ್ರ ನ್ಯಾಯಾಲಯ, ಶಿವಮೊಗ್ಗ
ಪಿ ಮತ್ತು ಎಸ್.ಸಿ.ನಂ.: 33/2025
ಅರ್ಜಿದಾರರು: ಶ್ರೀಮತಿ ಕೆ. ಸಿ. ಪಾರ್ವತಮ್ಮ, ಸುಮಾರು 32 ವರ್ಷ, ವಾಸ: ಶಿವಮೊಗ್ಗ ತಾಲ್ಲೂಕು. ವಿರುದ್ಧ ಎದುರುದಾರರು: ನಿಲ್ ಪ್ರಕಟಣೆ: ಅರ್ಜಿದಾರರು ಮೃತ ಶ್ರೀ ಅಣ್ಣ ಪಿಲ್ಲಪ್ಪ ರವರು ದಿನಾಂಕ:18-11-2015 ರಂದು ನಿಧನರಾಗಿದ್ದು ಅವರ ಹೆಸರಿನಲ್ಲಿರುವ ಠೇವಣಿ ಹಣ ಪಡೆಯಲು ಉತ್ತರಾಧಿಕಾರ ಪ್ರಮಾಣ ಪತ್ರ ಕೋರಿ ಅರ್ಜಿ ಸಲ್ಲಿಸಿದ್ದು, ಈ ಬಗ್ಗೆ ಆಕ್ಷೇಪಣೆ ಇದ್ದಲ್ಲಿ ದಿನಾಂಕ:11-09-2025 ರಂದು ಬೆಳಿಗ್ಗೆ 11 ಗಂಟೆಗೆ ನ್ಯಾಯಾಲಯದ ಮುಂದೆ ಹಾಜರಾಗಬಹುದು. ಅಕೌಂಟ್ ಸಂಖ್ಯೆ: 391/390/372, ದಿನಾಂಕ:06-08-2025.
ಎಂ.ಎಸ್.ಮಧೂಮತಿ
ಅರ್ಜಿದಾರರ ಪರ ವಕೀಲರು
ದಿನಾಂಕ:06-08-2025
ಸ್ಥಳ: ಶಿವಮೊಗ್ಗ
ನ್ಯಾಯಾಲಯದ ಆಜ್ಞೆ ಮೇರೆಗೆ
ಸಹಿ/- ಮುಖ್ಯ ಆಡಳಿತಾಧಿಕಾರಿ
1ನೇ ಹೆಚ್ಚುವರಿ ಜಿಲ್ಲಾ ಮತ್ತು ಸತ್ರ ನ್ಯಾಯಾಲಯ, ಶಿವಮೊಗ್ಗ
Hosadigantha kannada daily Printed & Published by P.S. Prakash on behalf of Jnanabharathi Prakashana Limited. Printed at Diganatha Mudrana, New Thirthahalli Road, Shivamogga - 577201
and Published at 'Madhura Nilaya', 4th Cross, Durgigudi, Park Extension, Shivamogga 577202. Ph: (08182) 401752, 8861209076. Editor : P.S. Prakash, Group Editor : Vinayak S. Bhat.
